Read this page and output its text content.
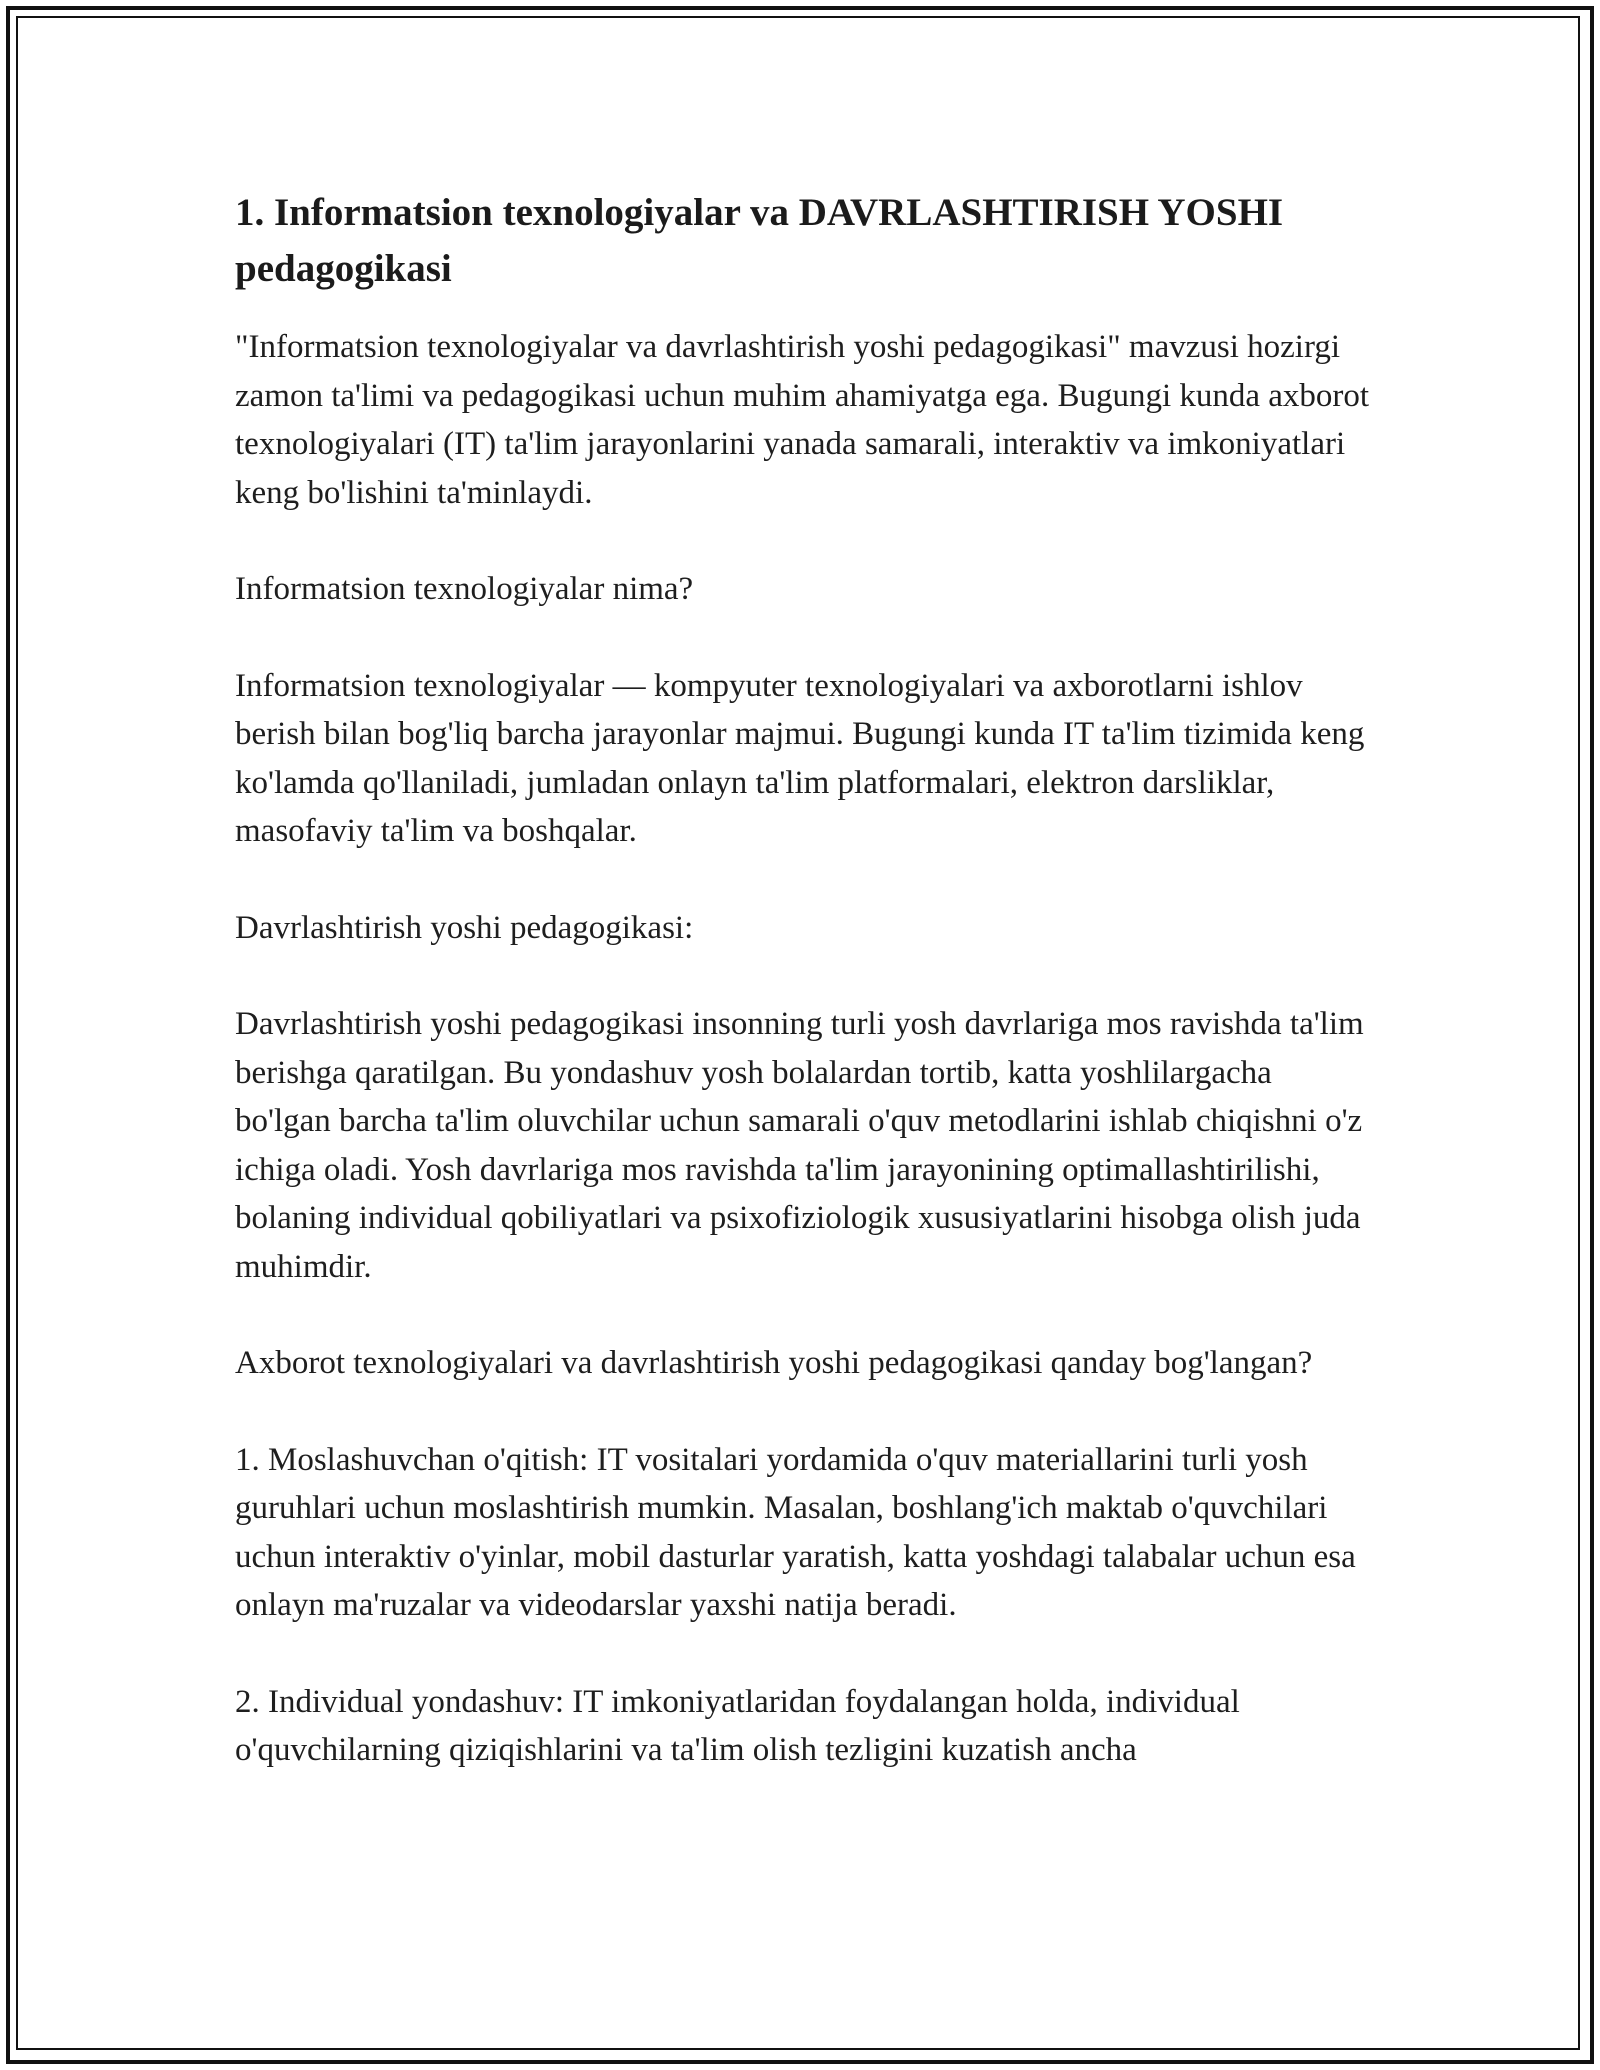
1. Informatsion texnologiyalar va DAVRLASHTIRISH YOSHI pedagogikasi

"Informatsion texnologiyalar va davrlashtirish yoshi pedagogikasi" mavzusi hozirgi zamon ta'limi va pedagogikasi uchun muhim ahamiyatga ega. Bugungi kunda axborot texnologiyalari (IT) ta'lim jarayonlarini yanada samarali, interaktiv va imkoniyatlari keng bo'lishini ta'minlaydi.

Informatsion texnologiyalar nima?

Informatsion texnologiyalar — kompyuter texnologiyalari va axborotlarni ishlov berish bilan bog'liq barcha jarayonlar majmui. Bugungi kunda IT ta'lim tizimida keng ko'lamda qo'llaniladi, jumladan onlayn ta'lim platformalari, elektron darsliklar, masofaviy ta'lim va boshqalar.

Davrlashtirish yoshi pedagogikasi:

Davrlashtirish yoshi pedagogikasi insonning turli yosh davrlariga mos ravishda ta'lim berishga qaratilgan. Bu yondashuv yosh bolalardan tortib, katta yoshlilargacha bo'lgan barcha ta'lim oluvchilar uchun samarali o'quv metodlarini ishlab chiqishni o'z ichiga oladi. Yosh davrlariga mos ravishda ta'lim jarayonining optimallashtirilishi, bolaning individual qobiliyatlari va psixofiziologik xususiyatlarini hisobga olish juda muhimdir.

Axborot texnologiyalari va davrlashtirish yoshi pedagogikasi qanday bog'langan?

1. Moslashuvchan o'qitish: IT vositalari yordamida o'quv materiallarini turli yosh guruhlari uchun moslashtirish mumkin. Masalan, boshlang'ich maktab o'quvchilari uchun interaktiv o'yinlar, mobil dasturlar yaratish, katta yoshdagi talabalar uchun esa onlayn ma'ruzalar va videodarslar yaxshi natija beradi.

2. Individual yondashuv: IT imkoniyatlaridan foydalangan holda, individual o'quvchilarning qiziqishlarini va ta'lim olish tezligini kuzatish ancha
